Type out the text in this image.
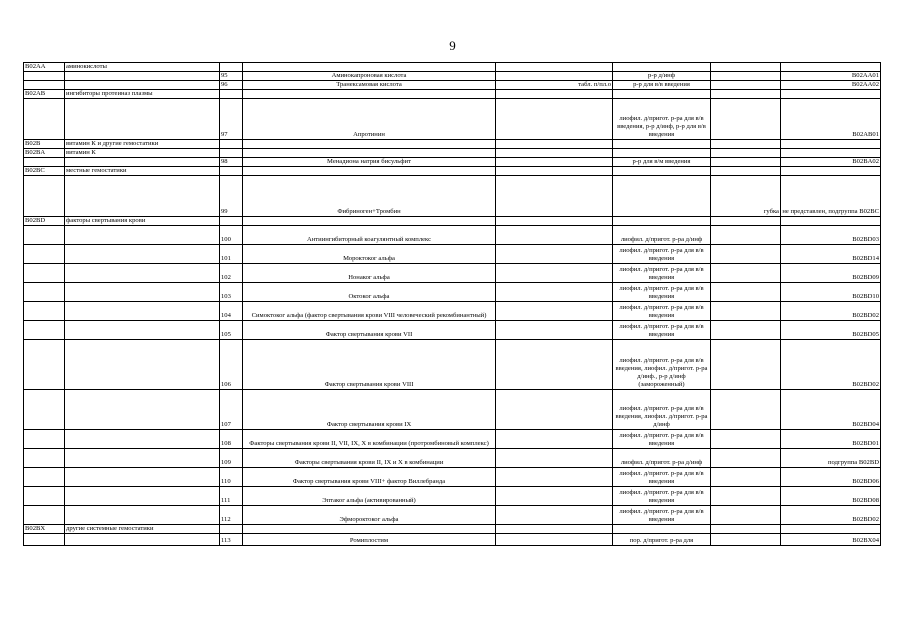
9
B02AA	аминокислоты						
		95	Аминокапроновая кислота		р-р д/инф		B02AA01
		96	Транексамовая кислота	табл. п/пл.о	р-р для в/в введения		B02AA02
B02AB	ингибиторы протеиназ плазмы						
		97	Апротинин		лиофил. д/пригот. р-ра для в/в введения, р-р д/инф, р-р для в/в введения		B02AB01
B02B	витамин К и другие гемостатики						
B02BA	витамин К						
		98	Менадиона натрия бисульфит		р-р для в/м введения		B02BA02
B02BC	местные гемостатики						
		99	Фибриноген+Тромбин			губка	не представлен, подгруппа B02BC
B02BD	факторы свертывания крови						
		100	Антиингибиторный коагулянтный комплекс		лиофил. д/пригот. р-ра д/инф		B02BD03
		101	Мороктоког альфа		лиофил. д/пригот. р-ра для в/в введения		B02BD14
		102	Нонаког альфа		лиофил. д/пригот. р-ра для в/в введения		B02BD09
		103	Октоког альфа		лиофил. д/пригот. р-ра для в/в введения		B02BD10
		104	Симоктоког альфа (фактор свертывания крови VIII человеческий рекомбинантный)		лиофил. д/пригот. р-ра для в/в введения		B02BD02
		105	Фактор свертывания крови VII		лиофил. д/пригот. р-ра для в/в введения		B02BD05
		106	Фактор свертывания крови VIII		лиофил. д/пригот. р-ра для в/в введения, лиофил. д/пригот. р-ра д/инф., р-р д/инф (замороженный)		B02BD02
		107	Фактор свертывания крови IX		лиофил. д/пригот. р-ра для в/в введения, лиофил. д/пригот. р-ра д/инф		B02BD04
		108	Факторы свертывания крови II, VII, IX, X в комбинации (протромбиновый комплекс)		лиофил. д/пригот. р-ра для в/в введения		B02BD01
		109	Факторы свертывания крови II, IX и X в комбинации		лиофил. д/пригот. р-ра д/инф		подгруппа B02BD
		110	Фактор свертывания крови VIII+ фактор Виллебранда		лиофил. д/пригот. р-ра для в/в введения		B02BD06
		111	Эптаког альфа (активированный)		лиофил. д/пригот. р-ра для в/в введения		B02BD08
		112	Эфмороктоког альфа		лиофил. д/пригот. р-ра для в/в введения		B02BD02
B02BX	другие системные гемостатики						
		113	Ромиплостим		пор. д/пригот. р-ра для		B02BX04
